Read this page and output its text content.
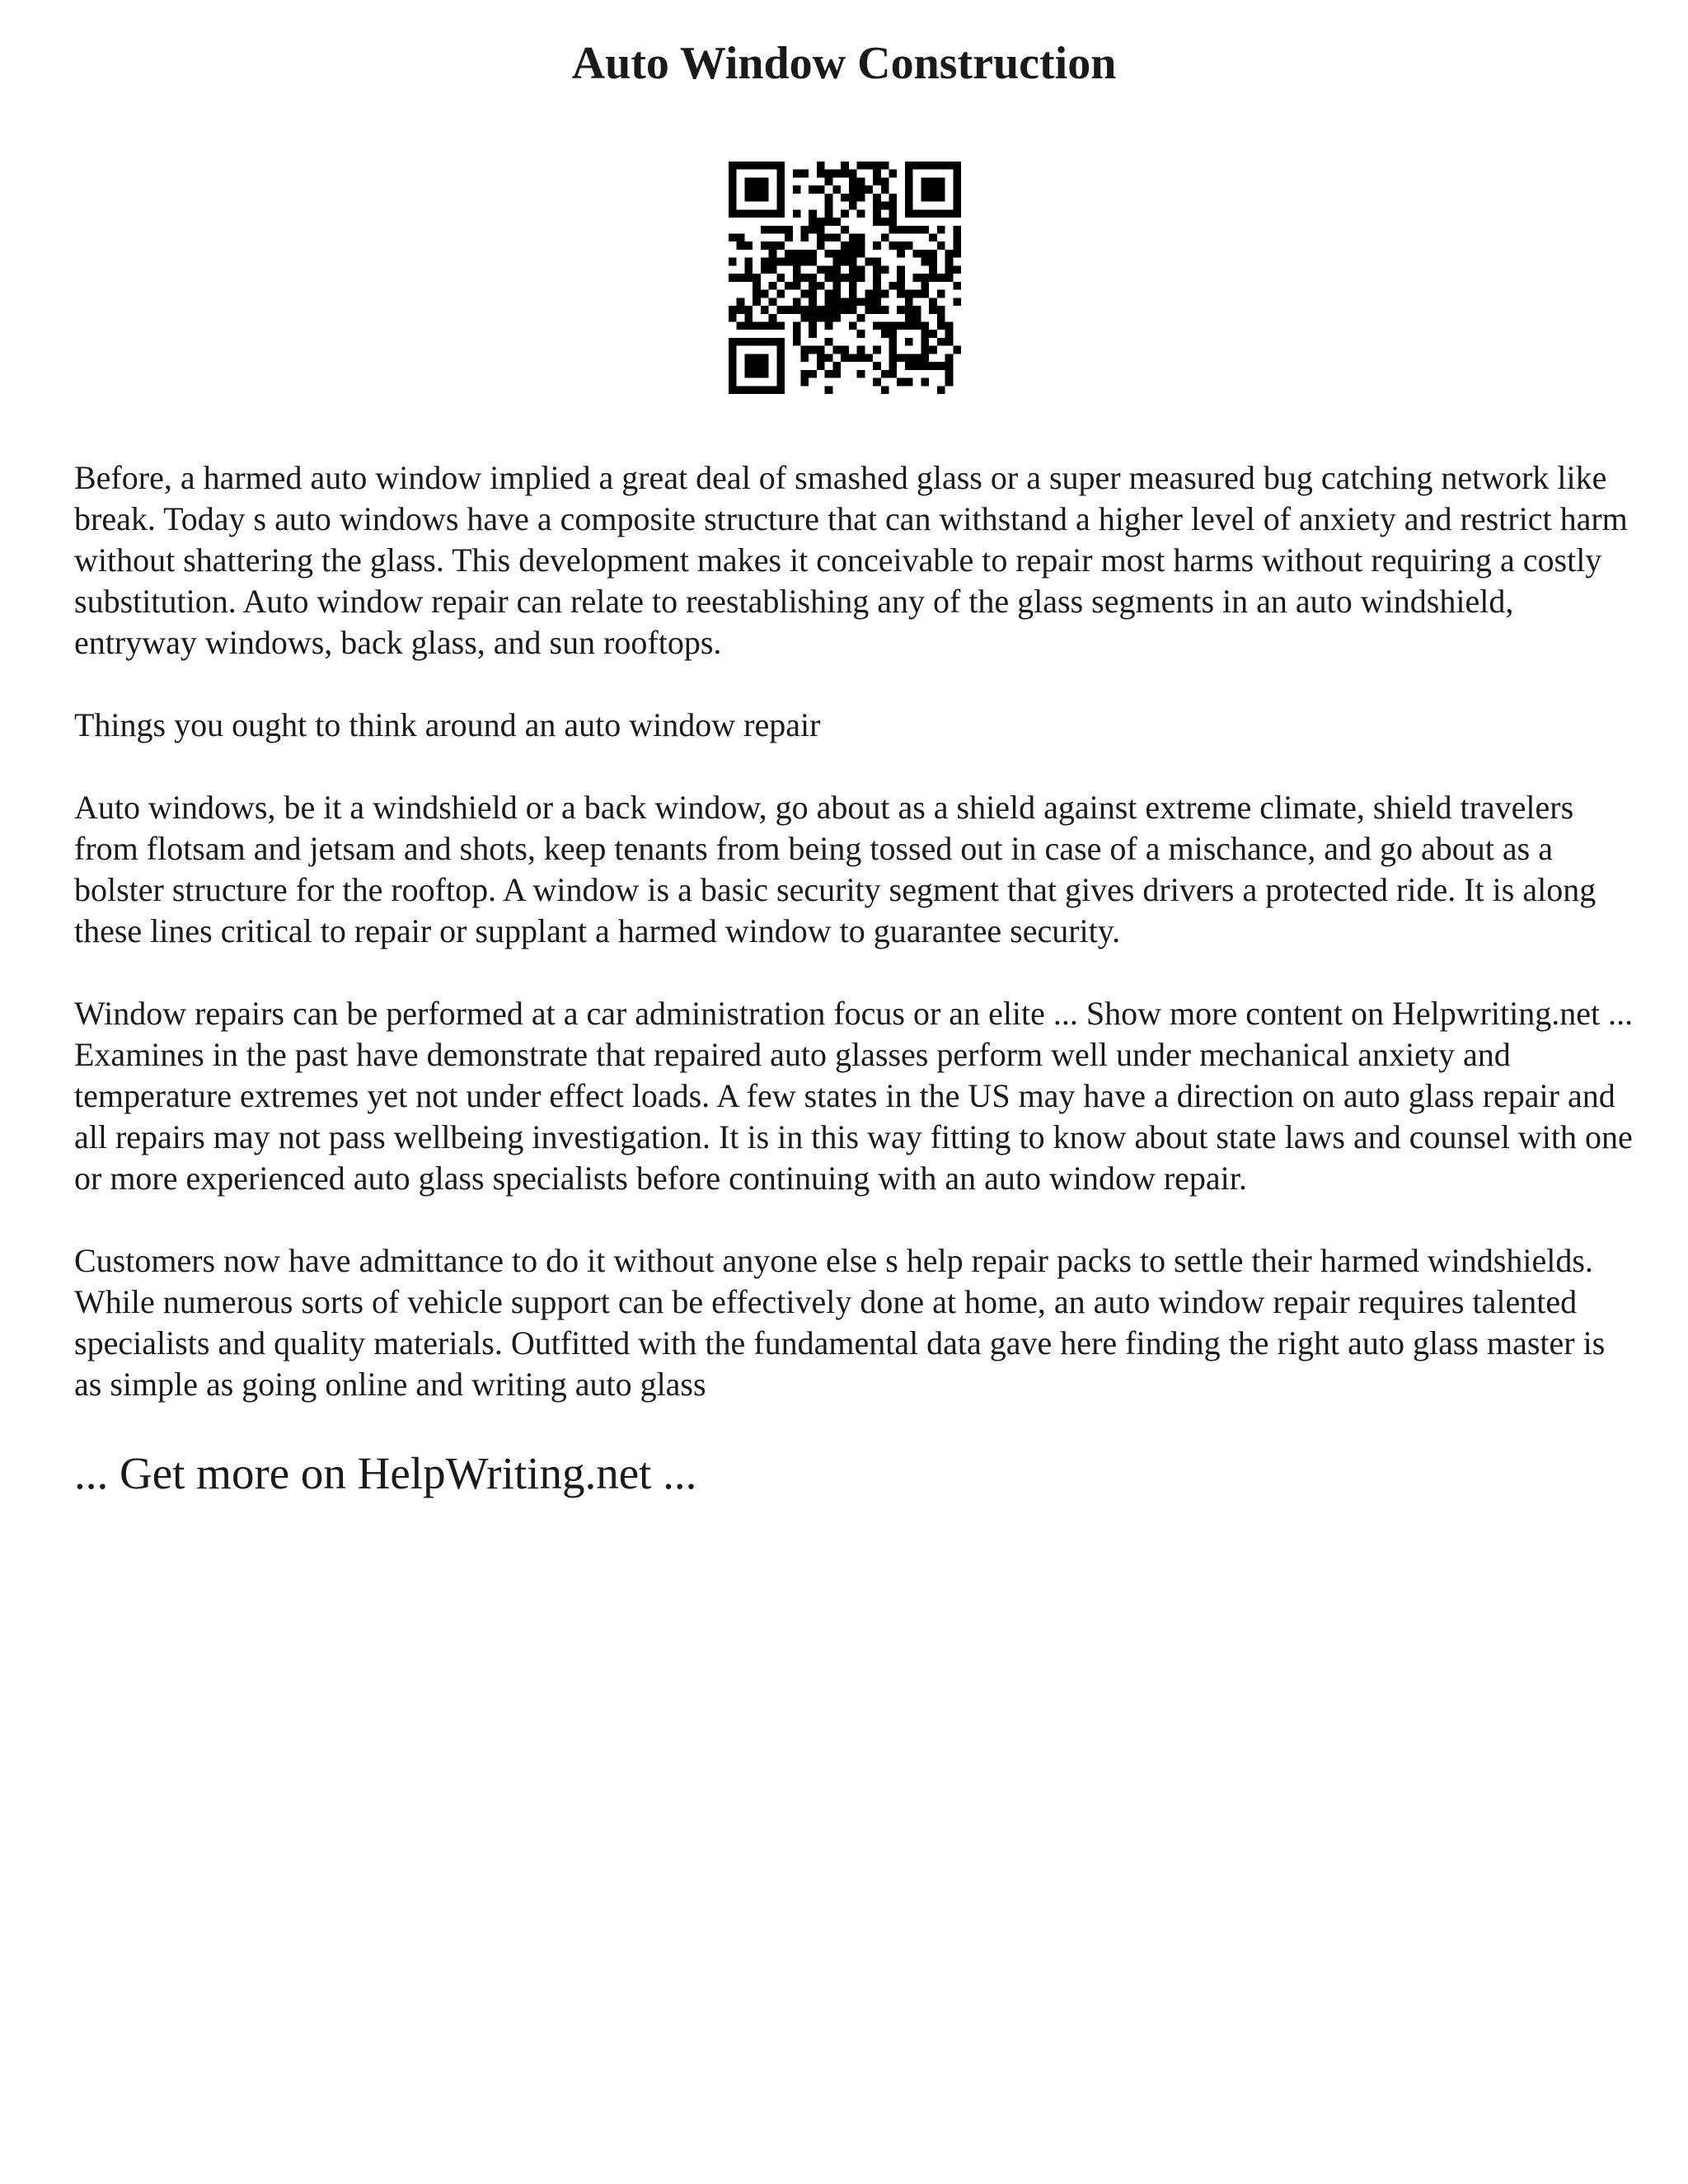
Auto Window Construction

Before, a harmed auto window implied a great deal of smashed glass or a super measured bug catching network like break. Today s auto windows have a composite structure that can withstand a higher level of anxiety and restrict harm without shattering the glass. This development makes it conceivable to repair most harms without requiring a costly substitution. Auto window repair can relate to reestablishing any of the glass segments in an auto windshield, entryway windows, back glass, and sun rooftops.

Things you ought to think around an auto window repair

Auto windows, be it a windshield or a back window, go about as a shield against extreme climate, shield travelers from flotsam and jetsam and shots, keep tenants from being tossed out in case of a mischance, and go about as a bolster structure for the rooftop. A window is a basic security segment that gives drivers a protected ride. It is along these lines critical to repair or supplant a harmed window to guarantee security.

Window repairs can be performed at a car administration focus or an elite ... Show more content on Helpwriting.net ...

Examines in the past have demonstrate that repaired auto glasses perform well under mechanical anxiety and temperature extremes yet not under effect loads. A few states in the US may have a direction on auto glass repair and all repairs may not pass wellbeing investigation. It is in this way fitting to know about state laws and counsel with one or more experienced auto glass specialists before continuing with an auto window repair.

Customers now have admittance to do it without anyone else s help repair packs to settle their harmed windshields. While numerous sorts of vehicle support can be effectively done at home, an auto window repair requires talented specialists and quality materials. Outfitted with the fundamental data gave here finding the right auto glass master is as simple as going online and writing auto glass

... Get more on HelpWriting.net ...
